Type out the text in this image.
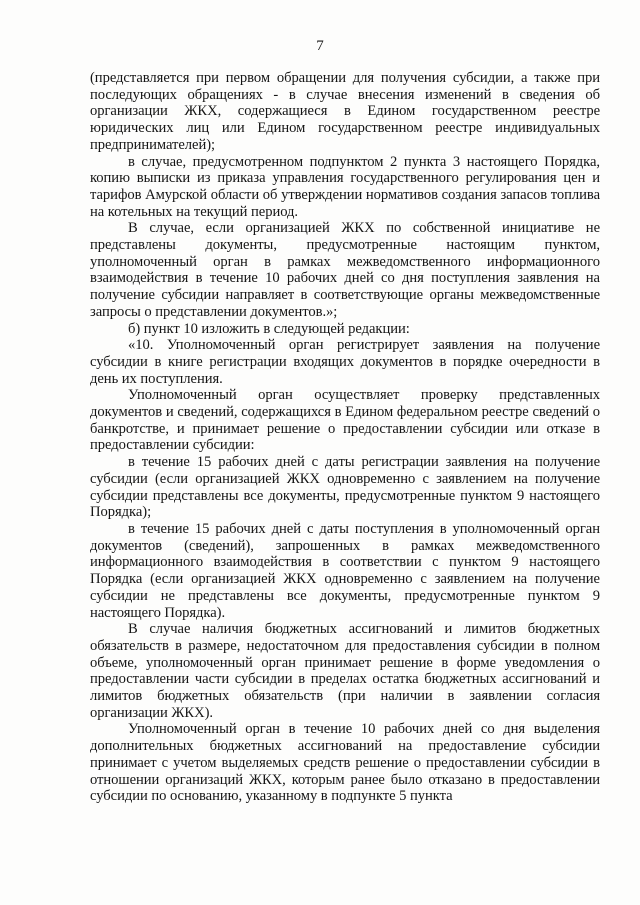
7

(представляется при первом обращении для получения субсидии, а также при последующих обращениях - в случае внесения изменений в сведения об организации ЖКХ, содержащиеся в Едином государственном реестре юридических лиц или Едином государственном реестре индивидуальных предпринимателей);

в случае, предусмотренном подпунктом 2 пункта 3 настоящего Порядка, копию выписки из приказа управления государственного регулирования цен и тарифов Амурской области об утверждении нормативов создания запасов топлива на котельных на текущий период.

В случае, если организацией ЖКХ по собственной инициативе не представлены документы, предусмотренные настоящим пунктом, уполномоченный орган в рамках межведомственного информационного взаимодействия в течение 10 рабочих дней со дня поступления заявления на получение субсидии направляет в соответствующие органы межведомственные запросы о представлении документов.»;

б) пункт 10 изложить в следующей редакции:

«10. Уполномоченный орган регистрирует заявления на получение субсидии в книге регистрации входящих документов в порядке очередности в день их поступления.

Уполномоченный орган осуществляет проверку представленных документов и сведений, содержащихся в Едином федеральном реестре сведений о банкротстве, и принимает решение о предоставлении субсидии или отказе в предоставлении субсидии:

в течение 15 рабочих дней с даты регистрации заявления на получение субсидии (если организацией ЖКХ одновременно с заявлением на получение субсидии представлены все документы, предусмотренные пунктом 9 настоящего Порядка);

в течение 15 рабочих дней с даты поступления в уполномоченный орган документов (сведений), запрошенных в рамках межведомственного информационного взаимодействия в соответствии с пунктом 9 настоящего Порядка (если организацией ЖКХ одновременно с заявлением на получение субсидии не представлены все документы, предусмотренные пунктом 9 настоящего Порядка).

В случае наличия бюджетных ассигнований и лимитов бюджетных обязательств в размере, недостаточном для предоставления субсидии в полном объеме, уполномоченный орган принимает решение в форме уведомления о предоставлении части субсидии в пределах остатка бюджетных ассигнований и лимитов бюджетных обязательств (при наличии в заявлении согласия организации ЖКХ).

Уполномоченный орган в течение 10 рабочих дней со дня выделения дополнительных бюджетных ассигнований на предоставление субсидии принимает с учетом выделяемых средств решение о предоставлении субсидии в отношении организаций ЖКХ, которым ранее было отказано в предоставлении субсидии по основанию, указанному в подпункте 5 пункта
